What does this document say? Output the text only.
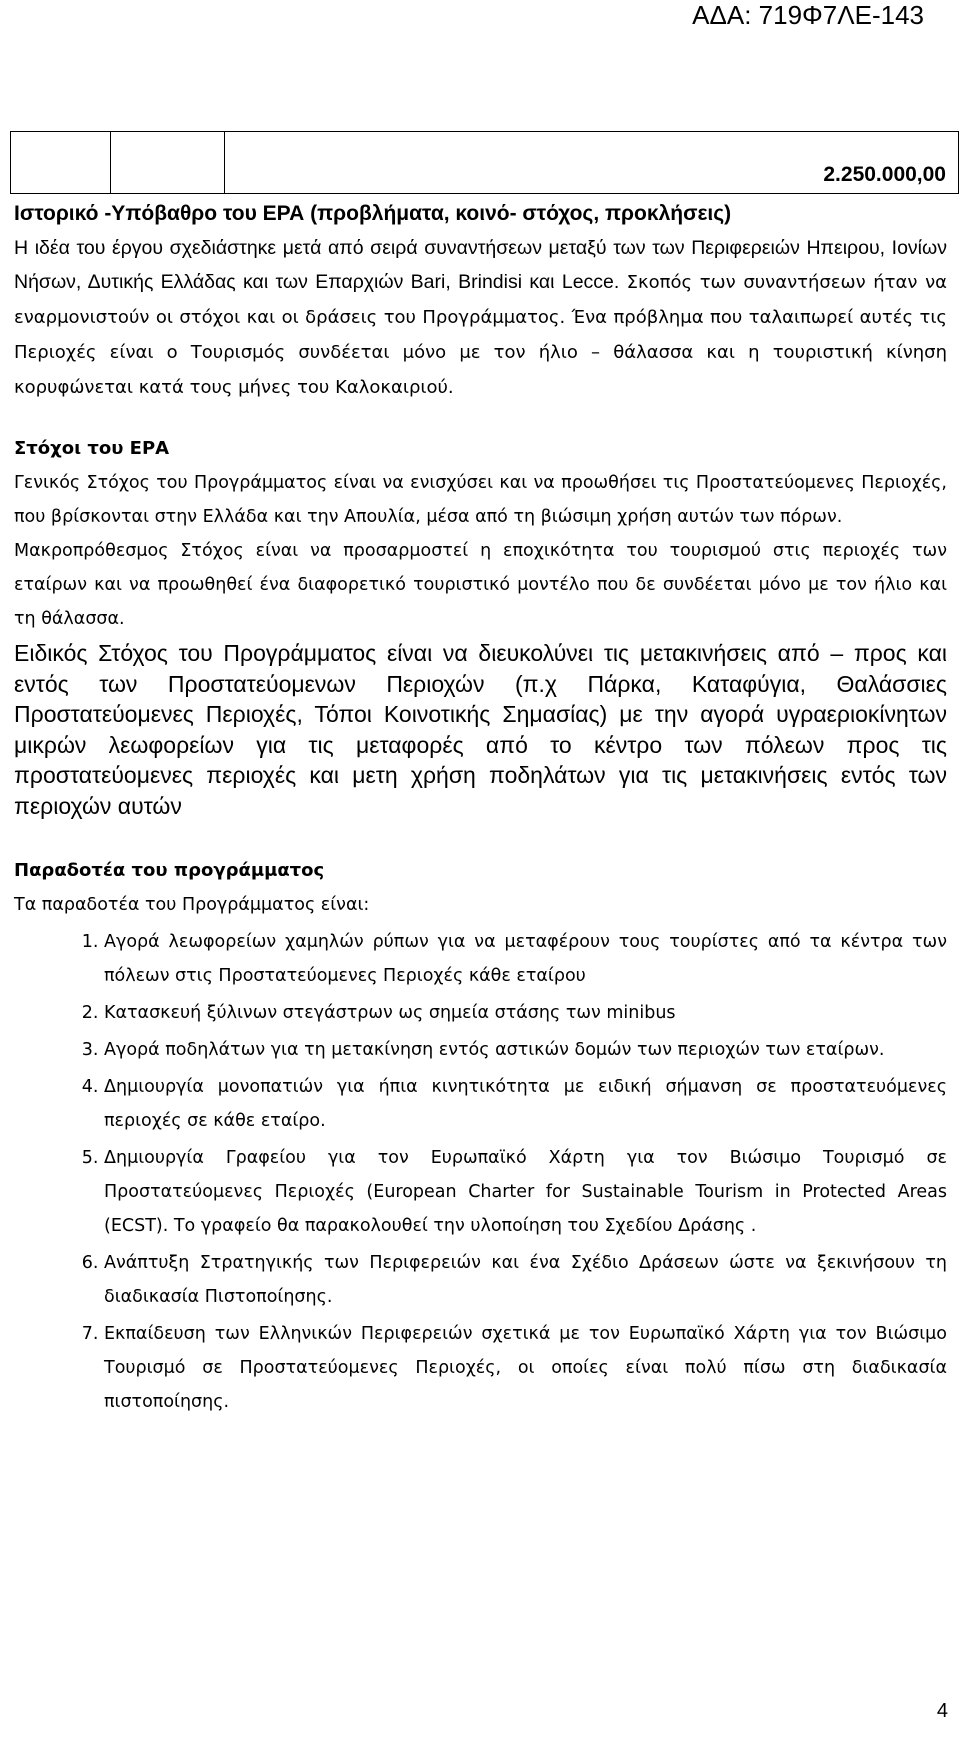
ΑΔΑ: 719Φ7ΛΕ-143
2.250.000,00
Ιστορικό -Υπόβαθρο του ΕΡΑ (προβλήματα, κοινό- στόχος, προκλήσεις)

Η ιδέα του έργου σχεδιάστηκε μετά από σειρά συναντήσεων μεταξύ των των Περιφερειών Ηπειρου, Ιονίων Νήσων, Δυτικής Ελλάδας και των Επαρχιών Bari, Brindisi και Lecce. Σκοπός των συναντήσεων ήταν να εναρμονιστούν οι στόχοι και οι δράσεις του Προγράμματος. Ένα πρόβλημα που ταλαιπωρεί αυτές τις Περιοχές είναι ο Τουρισμός συνδέεται μόνο με τον ήλιο – θάλασσα και η τουριστική κίνηση κορυφώνεται κατά τους μήνες του Καλοκαιριού.

Στόχοι του ΕΡΑ

Γενικός Στόχος του Προγράμματος είναι να ενισχύσει και να προωθήσει τις Προστατεύομενες Περιοχές, που βρίσκονται στην Ελλάδα και την Απουλία, μέσα από τη βιώσιμη χρήση αυτών των πόρων.

Μακροπρόθεσμος Στόχος είναι να προσαρμοστεί η εποχικότητα του τουρισμού στις περιοχές των εταίρων και να προωθηθεί ένα διαφορετικό τουριστικό μοντέλο που δε συνδέεται μόνο με τον ήλιο και τη θάλασσα.

Ειδικός Στόχος του Προγράμματος είναι να διευκολύνει τις μετακινήσεις από – προς και εντός των Προστατεύομενων Περιοχών (π.χ Πάρκα, Καταφύγια, Θαλάσσιες Προστατεύομενες Περιοχές, Τόποι Κοινοτικής Σημασίας) με την αγορά υγραεριοκίνητων μικρών λεωφορείων για τις μεταφορές από το κέντρο των πόλεων προς τις προστατεύομενες περιοχές και μετη χρήση ποδηλάτων για τις μετακινήσεις εντός των περιοχών αυτών

Παραδοτέα του προγράμματος

Τα παραδοτέα του Προγράμματος είναι:

1. Αγορά λεωφορείων χαμηλών ρύπων για να μεταφέρουν τους τουρίστες από τα κέντρα των πόλεων στις Προστατεύομενες Περιοχές κάθε εταίρου
2. Κατασκευή ξύλινων στεγάστρων ως σημεία στάσης των minibus
3. Αγορά ποδηλάτων για τη μετακίνηση εντός αστικών δομών των περιοχών των εταίρων.
4. Δημιουργία μονοπατιών για ήπια κινητικότητα με ειδική σήμανση σε προστατευόμενες περιοχές σε κάθε εταίρο.
5. Δημιουργία Γραφείου για τον Ευρωπαϊκό Χάρτη για τον Βιώσιμο Τουρισμό σε Προστατεύομενες Περιοχές (European Charter for Sustainable Tourism in Protected Areas (ECST). Το γραφείο θα παρακολουθεί την υλοποίηση του Σχεδίου Δράσης .
6. Ανάπτυξη Στρατηγικής των Περιφερειών και ένα Σχέδιο Δράσεων ώστε να ξεκινήσουν τη διαδικασία Πιστοποίησης.
7. Εκπαίδευση των Ελληνικών Περιφερειών σχετικά με τον Ευρωπαϊκό Χάρτη για τον Βιώσιμο Τουρισμό σε Προστατεύομενες Περιοχές, οι οποίες είναι πολύ πίσω στη διαδικασία πιστοποίησης.
4
